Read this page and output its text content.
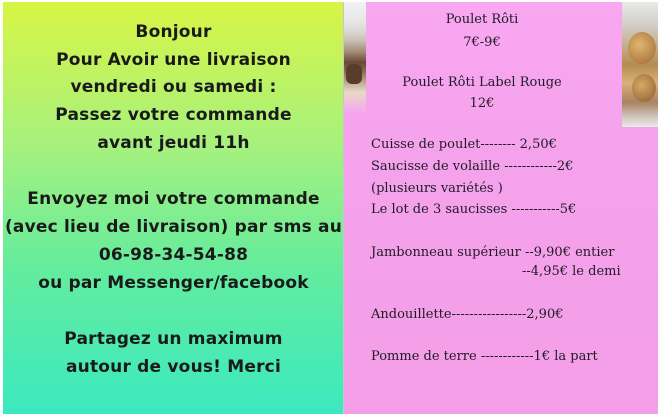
Bonjour
Pour Avoir une livraison
vendredi ou samedi :
Passez votre commande
avant jeudi 11h
Envoyez moi votre commande
(avec lieu de livraison) par sms au
06-98-34-54-88
ou par Messenger/facebook
Partagez un maximum
autour de vous! Merci
Poulet Rôti
7€-9€
Poulet Rôti Label Rouge
12€
Cuisse de poulet-------- 2,50€
Saucisse de volaille ------------2€
(plusieurs variétés )
Le lot de 3 saucisses -----------5€
Jambonneau supérieur --9,90€ entier
--4,95€ le demi
Andouillette-----------------2,90€
Pomme de terre ------------1€ la part
